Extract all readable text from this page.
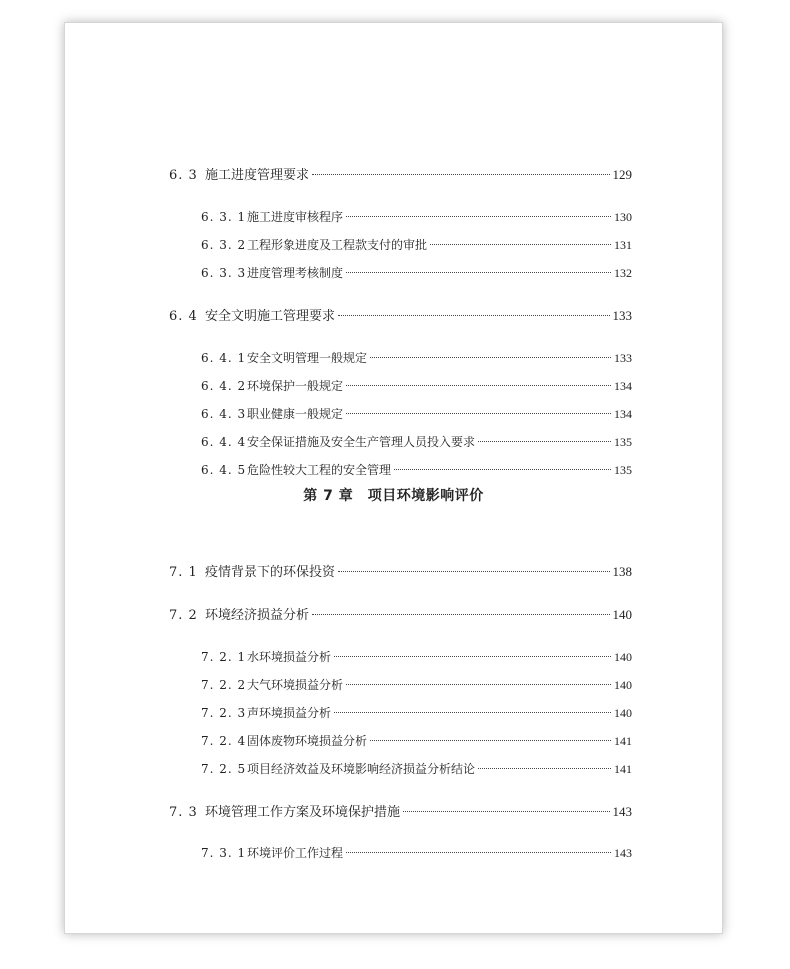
6. 3 施工进度管理要求	129
6. 3. 1 施工进度审核程序	130
6. 3. 2 工程形象进度及工程款支付的审批	131
6. 3. 3 进度管理考核制度	132
6. 4 安全文明施工管理要求	133
6. 4. 1 安全文明管理一般规定	133
6. 4. 2 环境保护一般规定	134
6. 4. 3 职业健康一般规定	134
6. 4. 4 安全保证措施及安全生产管理人员投入要求	135
6. 4. 5 危险性较大工程的安全管理	135
第 7 章　项目环境影响评价
7. 1 疫情背景下的环保投资	138
7. 2 环境经济损益分析	140
7. 2. 1 水环境损益分析	140
7. 2. 2 大气环境损益分析	140
7. 2. 3 声环境损益分析	140
7. 2. 4 固体废物环境损益分析	141
7. 2. 5 项目经济效益及环境影响经济损益分析结论	141
7. 3 环境管理工作方案及环境保护措施	143
7. 3. 1 环境评价工作过程	143
